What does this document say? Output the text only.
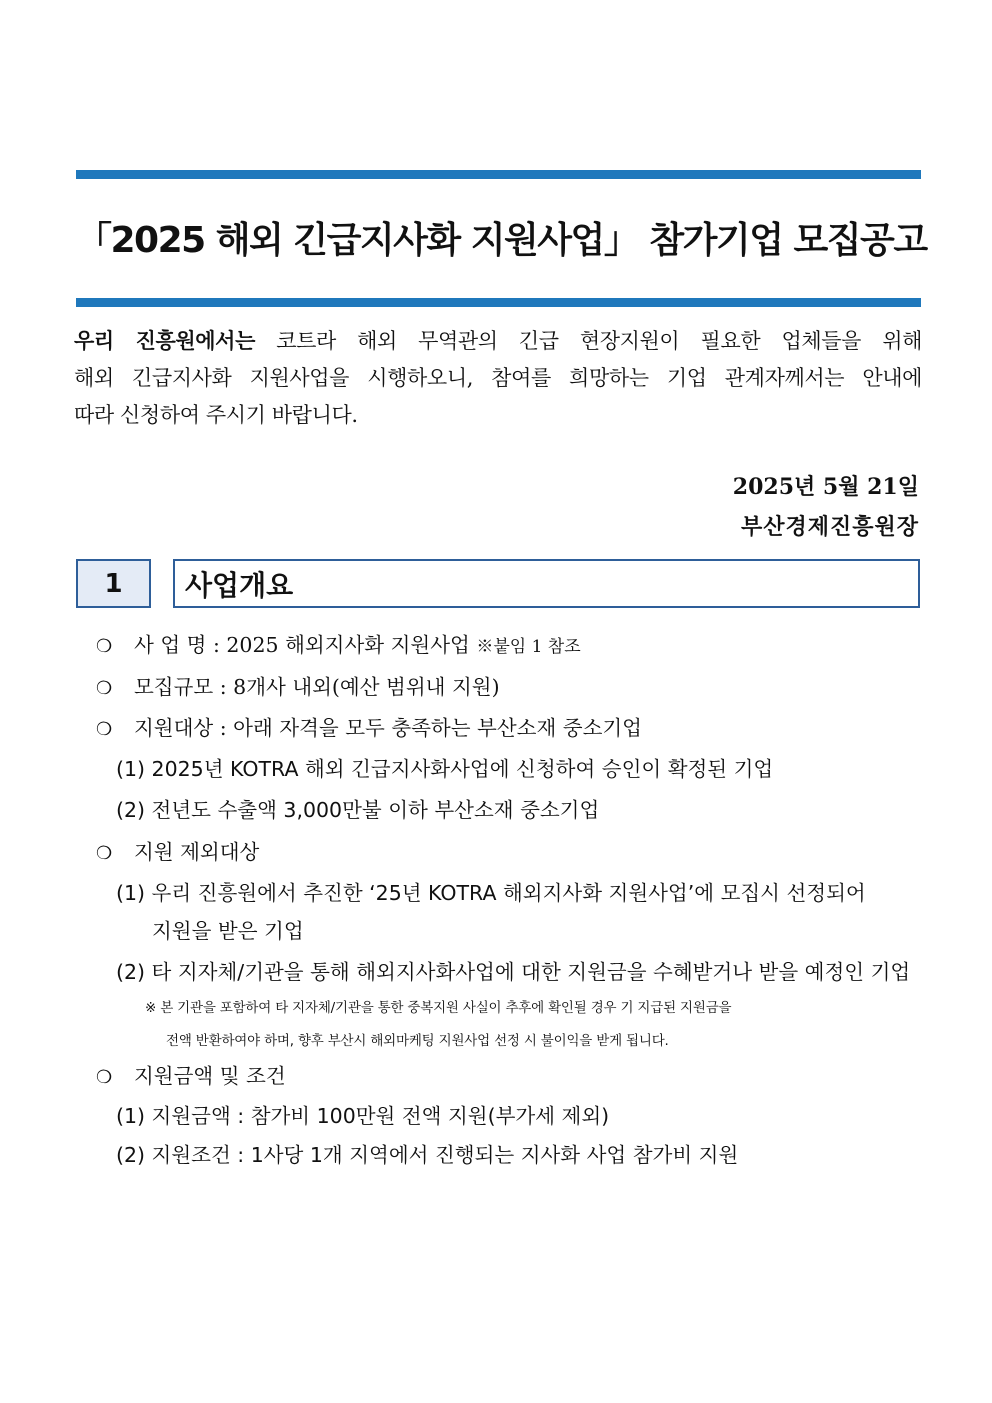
「2025 해외 긴급지사화 지원사업」 참가기업 모집공고
우리 진흥원에서는 코트라 해외 무역관의 긴급 현장지원이 필요한 업체들을 위해
해외 긴급지사화 지원사업을 시행하오니, 참여를 희망하는 기업 관계자께서는 안내에
따라 신청하여 주시기 바랍니다.
2025년 5월 21일
부산경제진흥원장
1	사업개요
❍ 사 업 명 : 2025 해외지사화 지원사업 ※붙임 1 참조
❍ 모집규모 : 8개사 내외(예산 범위내 지원)
❍ 지원대상 : 아래 자격을 모두 충족하는 부산소재 중소기업
(1) 2025년 KOTRA 해외 긴급지사화사업에 신청하여 승인이 확정된 기업
(2) 전년도 수출액 3,000만불 이하 부산소재 중소기업
❍ 지원 제외대상
(1) 우리 진흥원에서 추진한 ‘25년 KOTRA 해외지사화 지원사업’에 모집시 선정되어
지원을 받은 기업
(2) 타 지자체/기관을 통해 해외지사화사업에 대한 지원금을 수혜받거나 받을 예정인 기업
※ 본 기관을 포함하여 타 지자체/기관을 통한 중복지원 사실이 추후에 확인될 경우 기 지급된 지원금을
전액 반환하여야 하며, 향후 부산시 해외마케팅 지원사업 선정 시 불이익을 받게 됩니다.
❍ 지원금액 및 조건
(1) 지원금액 : 참가비 100만원 전액 지원(부가세 제외)
(2) 지원조건 : 1사당 1개 지역에서 진행되는 지사화 사업 참가비 지원
